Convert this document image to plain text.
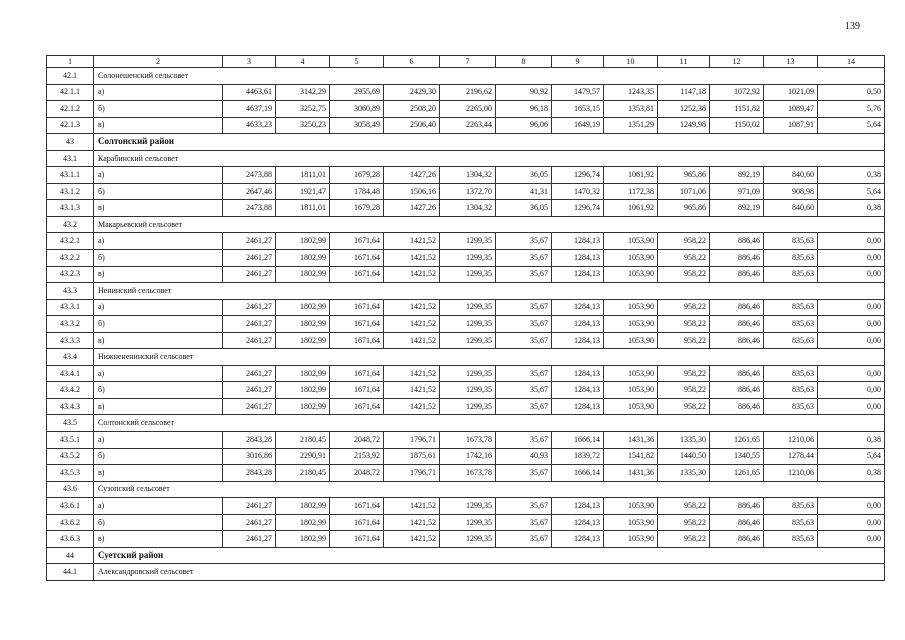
139
1	2	3	4	5	6	7	8	9	10	11	12	13	14
42.1	Солонешенский сельсовет												
42.1.1	а)	4463,61	3142,29	2955,69	2429,30	2196,62	90,92	1479,57	1243,35	1147,18	1072,92	1021,09	0,50
42.1.2	б)	4637,19	3252,75	3060,89	2508,20	2265,00	96,18	1653,15	1353,81	1252,38	1151,82	1089,47	5,76
42.1.3	в)	4633,23	3250,23	3058,49	2506,40	2263,44	96,06	1649,19	1351,29	1249,98	1150,02	1087,91	5,64
43	Солтонский район												
43.1	Карабинский сельсовет												
43.1.1	а)	2473,88	1811,01	1679,28	1427,26	1304,32	36,05	1296,74	1061,92	965,86	892,19	840,60	0,38
43.1.2	б)	2647,46	1921,47	1784,48	1506,16	1372,70	41,31	1470,32	1172,38	1071,06	971,09	908,98	5,64
43.1.3	в)	2473,88	1811,01	1679,28	1427,26	1304,32	36,05	1296,74	1061,92	965,86	892,19	840,60	0,38
43.2	Макарьевский сельсовет												
43.2.1	а)	2461,27	1802,99	1671,64	1421,52	1299,35	35,67	1284,13	1053,90	958,22	886,46	835,63	0,00
43.2.2	б)	2461,27	1802,99	1671,64	1421,52	1299,35	35,67	1284,13	1053,90	958,22	886,46	835,63	0,00
43.2.3	в)	2461,27	1802,99	1671,64	1421,52	1299,35	35,67	1284,13	1053,90	958,22	886,46	835,63	0,00
43.3	Ненинский сельсовет												
43.3.1	а)	2461,27	1802,99	1671,64	1421,52	1299,35	35,67	1284,13	1053,90	958,22	886,46	835,63	0,00
43.3.2	б)	2461,27	1802,99	1671,64	1421,52	1299,35	35,67	1284,13	1053,90	958,22	886,46	835,63	0,00
43.3.3	в)	2461,27	1802,99	1671,64	1421,52	1299,35	35,67	1284,13	1053,90	958,22	886,46	835,63	0,00
43.4	Нижнененинский сельсовет												
43.4.1	а)	2461,27	1802,99	1671,64	1421,52	1299,35	35,67	1284,13	1053,90	958,22	886,46	835,63	0,00
43.4.2	б)	2461,27	1802,99	1671,64	1421,52	1299,35	35,67	1284,13	1053,90	958,22	886,46	835,63	0,00
43.4.3	в)	2461,27	1802,99	1671,64	1421,52	1299,35	35,67	1284,13	1053,90	958,22	886,46	835,63	0,00
43.5	Солтонский сельсовет												
43.5.1	а)	2843,28	2180,45	2048,72	1796,71	1673,78	35,67	1666,14	1431,36	1335,30	1261,65	1210,06	0,38
43.5.2	б)	3016,86	2290,91	2153,92	1875,61	1742,16	40,93	1839,72	1541,82	1440,50	1340,55	1278,44	5,64
43.5.3	в)	2843,28	2180,45	2048,72	1796,71	1673,78	35,67	1666,14	1431,36	1335,30	1261,65	1210,06	0,38
43.6	Сузопский сельсовет												
43.6.1	а)	2461,27	1802,99	1671,64	1421,52	1299,35	35,67	1284,13	1053,90	958,22	886,46	835,63	0,00
43.6.2	б)	2461,27	1802,99	1671,64	1421,52	1299,35	35,67	1284,13	1053,90	958,22	886,46	835,63	0,00
43.6.3	в)	2461,27	1802,99	1671,64	1421,52	1299,35	35,67	1284,13	1053,90	958,22	886,46	835,63	0,00
44	Суетский район												
44.1	Александровский сельсовет												
